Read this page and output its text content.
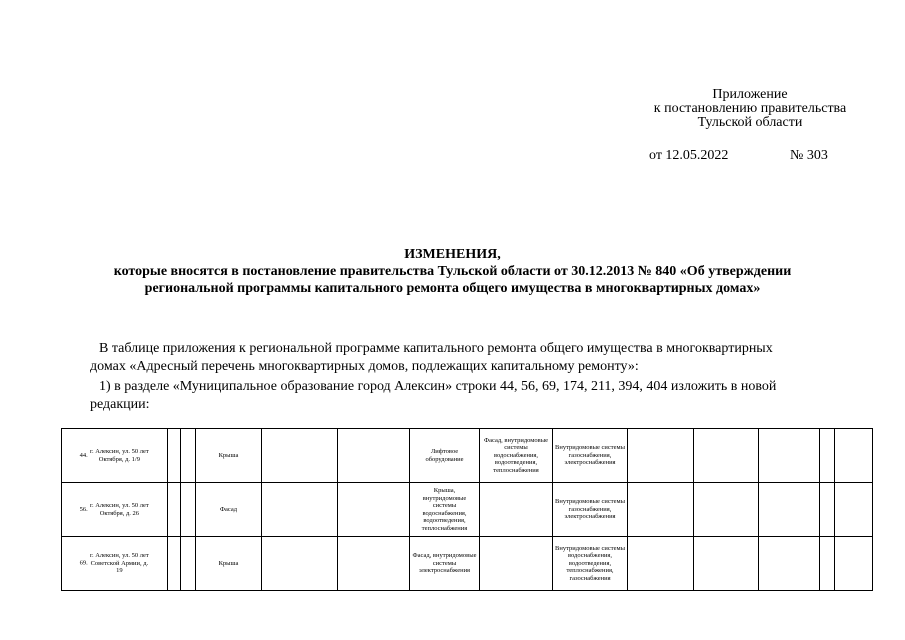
Приложение
к постановлению правительства
Тульской области
от 12.05.2022	№ 303
ИЗМЕНЕНИЯ,
которые вносятся в постановление правительства Тульской области от 30.12.2013 № 840 «Об утверждении
региональной программы капитального ремонта общего имущества в многоквартирных домах»
В таблице приложения к региональной программе капитального ремонта общего имущества в многоквартирных
домах «Адресный перечень многоквартирных домов, подлежащих капитальному ремонту»:
1) в разделе «Муниципальное образование город Алексин» строки 44, 56, 69, 174, 211, 394, 404 изложить в новой
редакции:
44. г. Алексин, ул. 50 лет Октября, д. 1/9			Крыша			Лифтовое оборудование	Фасад, внутридомовые системы водоснабжения, водоотведения, теплоснабжения	Внутридомовые системы газоснабжения, электроснабжения					
56. г. Алексин, ул. 50 лет Октября, д. 26			Фасад			Крыша, внутридомовые системы водоснабжения, водоотведения, теплоснабжения		Внутридомовые системы газоснабжения, электроснабжения					
69. г. Алексин, ул. 50 лет Советской Армии, д. 19			Крыша			Фасад, внутридомовые системы электроснабжения		Внутридомовые системы водоснабжения, водоотведения, теплоснабжения, газоснабжения					
